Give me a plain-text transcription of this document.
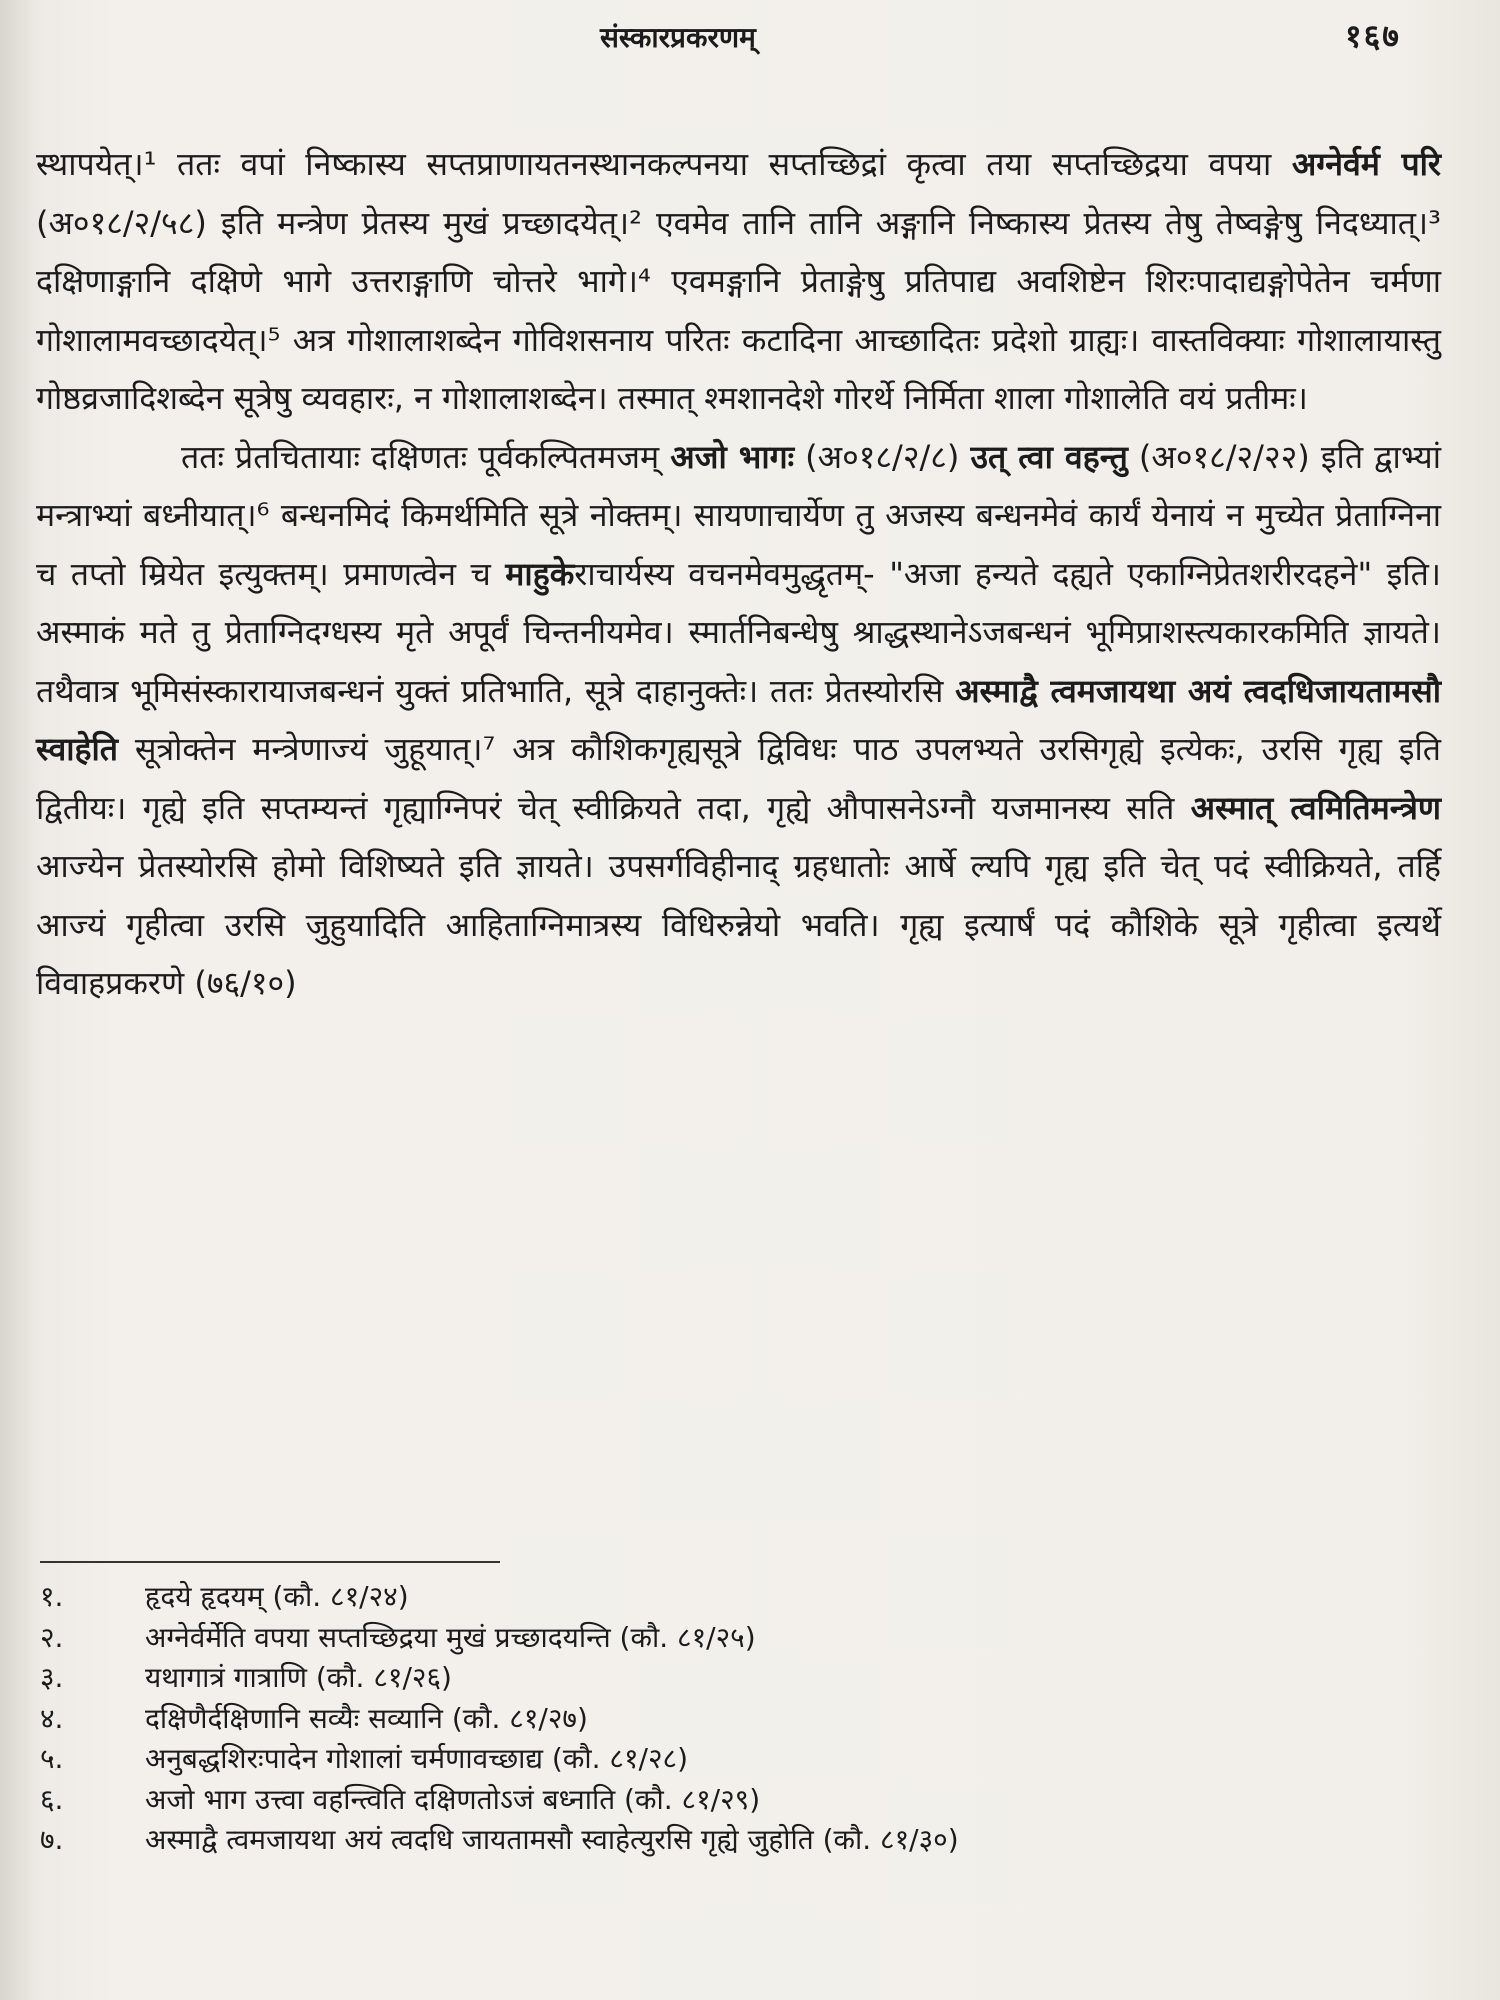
संस्कारप्रकरणम्	१६७

स्थापयेत्।¹ ततः वपां निष्कास्य सप्तप्राणायतनस्थानकल्पनया सप्तच्छिद्रां कृत्वा तया सप्तच्छिद्रया वपया अग्नेर्वर्म परि (अ०१८/२/५८) इति मन्त्रेण प्रेतस्य मुखं प्रच्छादयेत्।² एवमेव तानि तानि अङ्गानि निष्कास्य प्रेतस्य तेषु तेष्वङ्गेषु निदध्यात्।³ दक्षिणाङ्गानि दक्षिणे भागे उत्तराङ्गाणि चोत्तरे भागे।⁴ एवमङ्गानि प्रेताङ्गेषु प्रतिपाद्य अवशिष्टेन शिरःपादाद्यङ्गोपेतेन चर्मणा गोशालामवच्छादयेत्।⁵ अत्र गोशालाशब्देन गोविशसनाय परितः कटादिना आच्छादितः प्रदेशो ग्राह्यः। वास्तविक्याः गोशालायास्तु गोष्ठव्रजादिशब्देन सूत्रेषु व्यवहारः, न गोशालाशब्देन। तस्मात् श्मशानदेशे गोरर्थे निर्मिता शाला गोशालेति वयं प्रतीमः।

ततः प्रेतचितायाः दक्षिणतः पूर्वकल्पितमजम् अजो भागः (अ०१८/२/८) उत् त्वा वहन्तु (अ०१८/२/२२) इति द्वाभ्यां मन्त्राभ्यां बध्नीयात्।⁶ बन्धनमिदं किमर्थमिति सूत्रे नोक्तम्। सायणाचार्येण तु अजस्य बन्धनमेवं कार्यं येनायं न मुच्येत प्रेताग्निना च तप्तो म्रियेत इत्युक्तम्। प्रमाणत्वेन च माहुकेराचार्यस्य वचनमेवमुद्धृतम्- "अजा हन्यते दह्यते एकाग्निप्रेतशरीरदहने" इति। अस्माकं मते तु प्रेताग्निदग्धस्य मृते अपूर्वं चिन्तनीयमेव। स्मार्तनिबन्धेषु श्राद्धस्थानेऽजबन्धनं भूमिप्राशस्त्यकारकमिति ज्ञायते। तथैवात्र भूमिसंस्कारायाजबन्धनं युक्तं प्रतिभाति, सूत्रे दाहानुक्तेः। ततः प्रेतस्योरसि अस्माद्वै त्वमजायथा अयं त्वदधिजायतामसौ स्वाहेति सूत्रोक्तेन मन्त्रेणाज्यं जुहूयात्।⁷ अत्र कौशिकगृह्यसूत्रे द्विविधः पाठ उपलभ्यते उरसिगृह्ये इत्येकः, उरसि गृह्य इति द्वितीयः। गृह्ये इति सप्तम्यन्तं गृह्याग्निपरं चेत् स्वीक्रियते तदा, गृह्ये औपासनेऽग्नौ यजमानस्य सति अस्मात् त्वमितिमन्त्रेण आज्येन प्रेतस्योरसि होमो विशिष्यते इति ज्ञायते। उपसर्गविहीनाद् ग्रहधातोः आर्षे ल्यपि गृह्य इति चेत् पदं स्वीक्रियते, तर्हि आज्यं गृहीत्वा उरसि जुहुयादिति आहिताग्निमात्रस्य विधिरुन्नेयो भवति। गृह्य इत्यार्षं पदं कौशिके सूत्रे गृहीत्वा इत्यर्थे विवाहप्रकरणे (७६/१०)

१.	हृदये हृदयम् (कौ. ८१/२४)
२.	अग्नेर्वर्मेति वपया सप्तच्छिद्रया मुखं प्रच्छादयन्ति (कौ. ८१/२५)
३.	यथागात्रं गात्राणि (कौ. ८१/२६)
४.	दक्षिणैर्दक्षिणानि सव्यैः सव्यानि (कौ. ८१/२७)
५.	अनुबद्धशिरःपादेन गोशालां चर्मणावच्छाद्य (कौ. ८१/२८)
६.	अजो भाग उत्त्वा वहन्त्विति दक्षिणतोऽजं बध्नाति (कौ. ८१/२९)
७.	अस्माद्वै त्वमजायथा अयं त्वदधि जायतामसौ स्वाहेत्युरसि गृह्ये जुहोति (कौ. ८१/३०)
